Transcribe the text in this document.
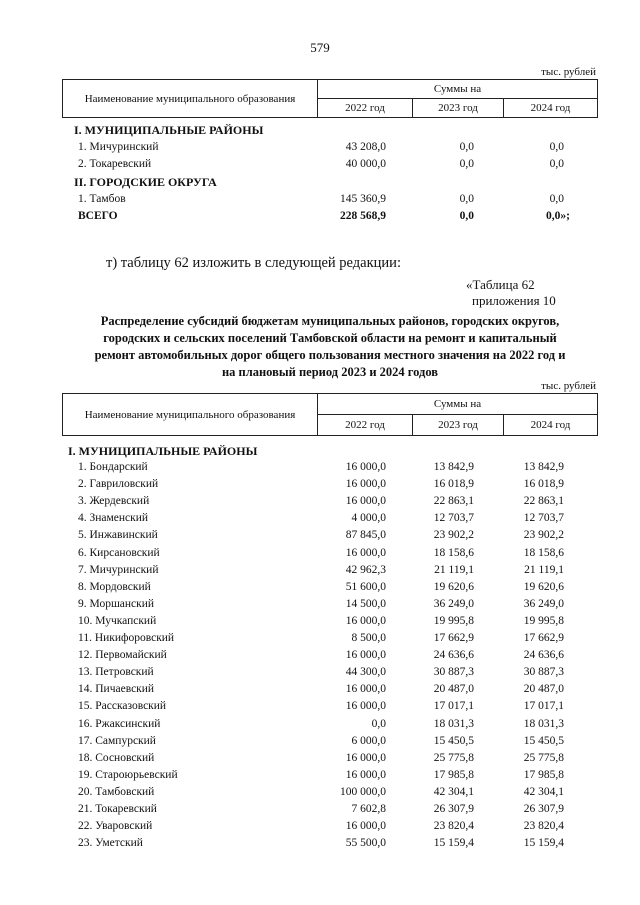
579
тыс. рублей
Наименование муниципального образования	Суммы на		
	2022 год	2023 год	2024 год
I. МУНИЦИПАЛЬНЫЕ РАЙОНЫ
1. Мичуринский	43 208,0	0,0	0,0
2. Токаревский	40 000,0	0,0	0,0
II. ГОРОДСКИЕ ОКРУГА
1. Тамбов	145 360,9	0,0	0,0
ВСЕГО	228 568,9	0,0	0,0»;
т) таблицу 62 изложить в следующей редакции:
«Таблица 62
приложения 10
Распределение субсидий бюджетам муниципальных районов, городских округов,
городских и сельских поселений Тамбовской области на ремонт и капитальный
ремонт автомобильных дорог общего пользования местного значения на 2022 год и
на плановый период 2023 и 2024 годов
тыс. рублей
Наименование муниципального образования	Суммы на		
	2022 год	2023 год	2024 год
I. МУНИЦИПАЛЬНЫЕ РАЙОНЫ
1. Бондарский	16 000,0	13 842,9	13 842,9
2. Гавриловский	16 000,0	16 018,9	16 018,9
3. Жердевский	16 000,0	22 863,1	22 863,1
4. Знаменский	4 000,0	12 703,7	12 703,7
5. Инжавинский	87 845,0	23 902,2	23 902,2
6. Кирсановский	16 000,0	18 158,6	18 158,6
7. Мичуринский	42 962,3	21 119,1	21 119,1
8. Мордовский	51 600,0	19 620,6	19 620,6
9. Моршанский	14 500,0	36 249,0	36 249,0
10. Мучкапский	16 000,0	19 995,8	19 995,8
11. Никифоровский	8 500,0	17 662,9	17 662,9
12. Первомайский	16 000,0	24 636,6	24 636,6
13. Петровский	44 300,0	30 887,3	30 887,3
14. Пичаевский	16 000,0	20 487,0	20 487,0
15. Рассказовский	16 000,0	17 017,1	17 017,1
16. Ржаксинский	0,0	18 031,3	18 031,3
17. Сампурский	6 000,0	15 450,5	15 450,5
18. Сосновский	16 000,0	25 775,8	25 775,8
19. Староюрьевский	16 000,0	17 985,8	17 985,8
20. Тамбовский	100 000,0	42 304,1	42 304,1
21. Токаревский	7 602,8	26 307,9	26 307,9
22. Уваровский	16 000,0	23 820,4	23 820,4
23. Уметский	55 500,0	15 159,4	15 159,4
